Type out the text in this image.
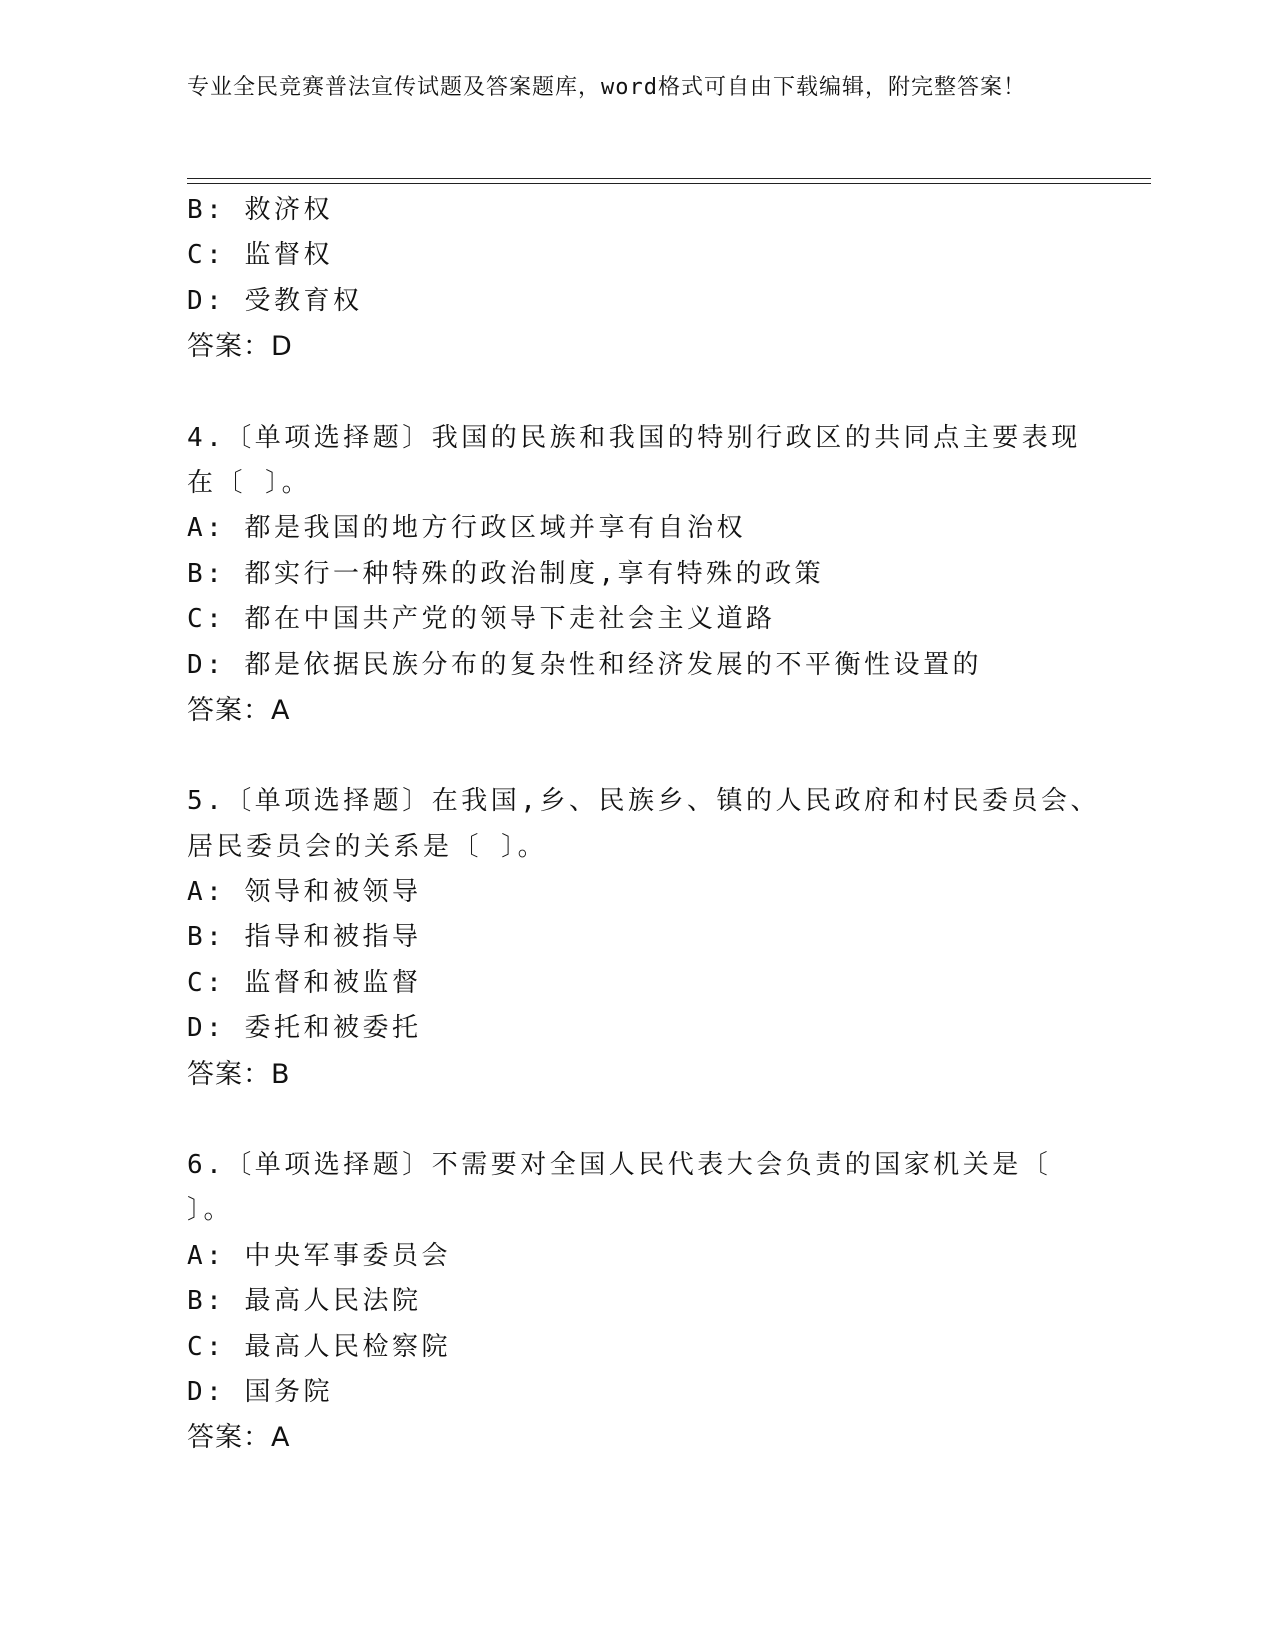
专业全民竞赛普法宣传试题及答案题库，word格式可自由下载编辑，附完整答案！
B: 救济权
C: 监督权
D: 受教育权
答案：D
4.〔单项选择题〕我国的民族和我国的特别行政区的共同点主要表现
在〔 〕。
A: 都是我国的地方行政区域并享有自治权
B: 都实行一种特殊的政治制度,享有特殊的政策
C: 都在中国共产党的领导下走社会主义道路
D: 都是依据民族分布的复杂性和经济发展的不平衡性设置的
答案：A
5.〔单项选择题〕在我国,乡、民族乡、镇的人民政府和村民委员会、
居民委员会的关系是〔 〕。
A: 领导和被领导
B: 指导和被指导
C: 监督和被监督
D: 委托和被委托
答案：B
6.〔单项选择题〕不需要对全国人民代表大会负责的国家机关是〔
〕。
A: 中央军事委员会
B: 最高人民法院
C: 最高人民检察院
D: 国务院
答案：A
